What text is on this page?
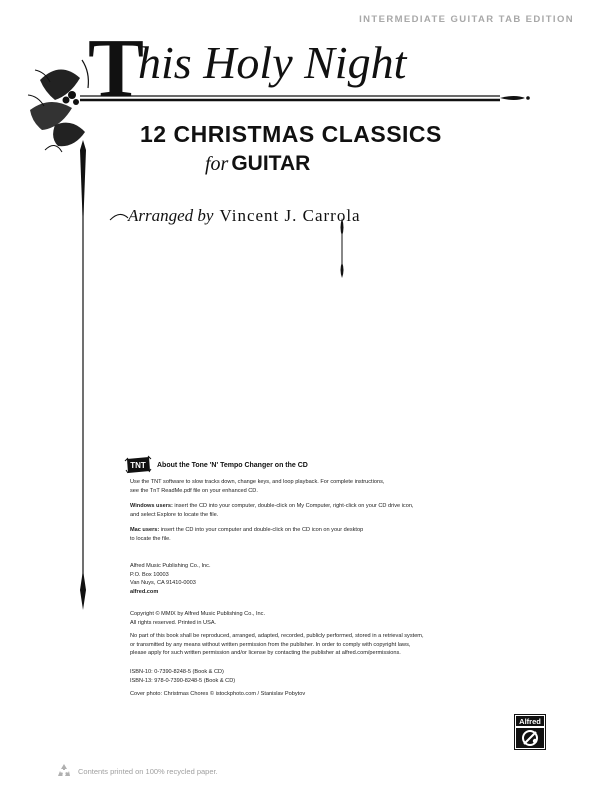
INTERMEDIATE GUITAR TAB EDITION
This Holy Night
12 CHRISTMAS CLASSICS
for GUITAR
Arranged by Vincent J. Carrola
TNT About the Tone 'N' Tempo Changer on the CD
Use the TNT software to slow tracks down, change keys, and loop playback. For complete instructions,
see the TnT ReadMe.pdf file on your enhanced CD.
Windows users: insert the CD into your computer, double-click on My Computer, right-click on your CD drive icon,
and select Explore to locate the file.
Mac users: insert the CD into your computer and double-click on the CD icon on your desktop
to locate the file.
Alfred Music Publishing Co., Inc.
P.O. Box 10003
Van Nuys, CA 91410-0003
alfred.com
Copyright © MMIX by Alfred Music Publishing Co., Inc.
All rights reserved. Printed in USA.
No part of this book shall be reproduced, arranged, adapted, recorded, publicly performed, stored in a retrieval system,
or transmitted by any means without written permission from the publisher. In order to comply with copyright laws,
please apply for such written permission and/or license by contacting the publisher at alfred.com/permissions.
ISBN-10: 0-7390-8248-5 (Book & CD)
ISBN-13: 978-0-7390-8248-5 (Book & CD)
Cover photo: Christmas Chores © istockphoto.com / Stanislav Pobytov
Alfred
Contents printed on 100% recycled paper.
